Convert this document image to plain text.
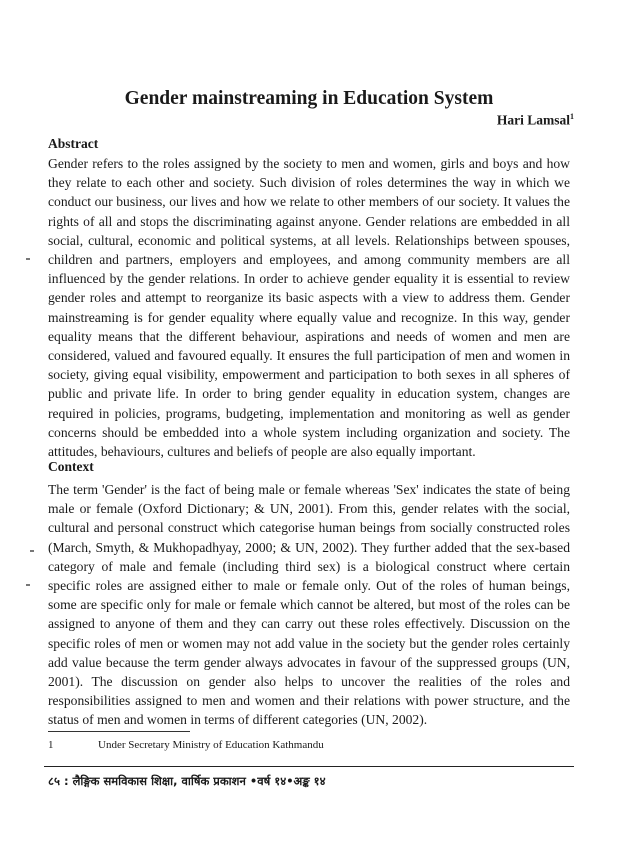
Gender mainstreaming in Education System
Hari Lamsal$^1$
Abstract

Gender refers to the roles assigned by the society to men and women, girls and boys and how they relate to each other and society. Such division of roles determines the way in which we conduct our business, our lives and how we relate to other members of our society. It values the rights of all and stops the discriminating against anyone. Gender relations are embedded in all social, cultural, economic and political systems, at all levels. Relationships between spouses, children and partners, employers and employees, and among community members are all influenced by the gender relations. In order to achieve gender equality it is essential to review gender roles and attempt to reorganize its basic aspects with a view to address them. Gender mainstreaming is for gender equality where equally value and recognize. In this way, gender equality means that the different behaviour, aspirations and needs of women and men are considered, valued and favoured equally. It ensures the full participation of men and women in society, giving equal visibility, empowerment and participation to both sexes in all spheres of public and private life. In order to bring gender equality in education system, changes are required in policies, programs, budgeting, implementation and monitoring as well as gender concerns should be embedded into a whole system including organization and society. The attitudes, behaviours, cultures and beliefs of people are also equally important.

Context

The term 'Gender' is the fact of being male or female whereas 'Sex' indicates the state of being male or female (Oxford Dictionary; & UN, 2001). From this, gender relates with the social, cultural and personal construct which categorise human beings from socially constructed roles (March, Smyth, & Mukhopadhyay, 2000; & UN, 2002). They further added that the sex-based category of male and female (including third sex) is a biological construct where certain specific roles are assigned either to male or female only. Out of the roles of human beings, some are specific only for male or female which cannot be altered, but most of the roles can be assigned to anyone of them and they can carry out these roles effectively. Discussion on the specific roles of men or women may not add value in the society but the gender roles certainly add value because the term gender always advocates in favour of the suppressed groups (UN, 2001). The discussion on gender also helps to uncover the realities of the roles and responsibilities assigned to men and women and their relations with power structure, and the status of men and women in terms of different categories (UN, 2002).

1	Under Secretary Ministry of Education Kathmandu
८५ : लैङ्गिक समविकास शिक्षा, वार्षिक प्रकाशन •वर्ष १४•अङ्क १४
